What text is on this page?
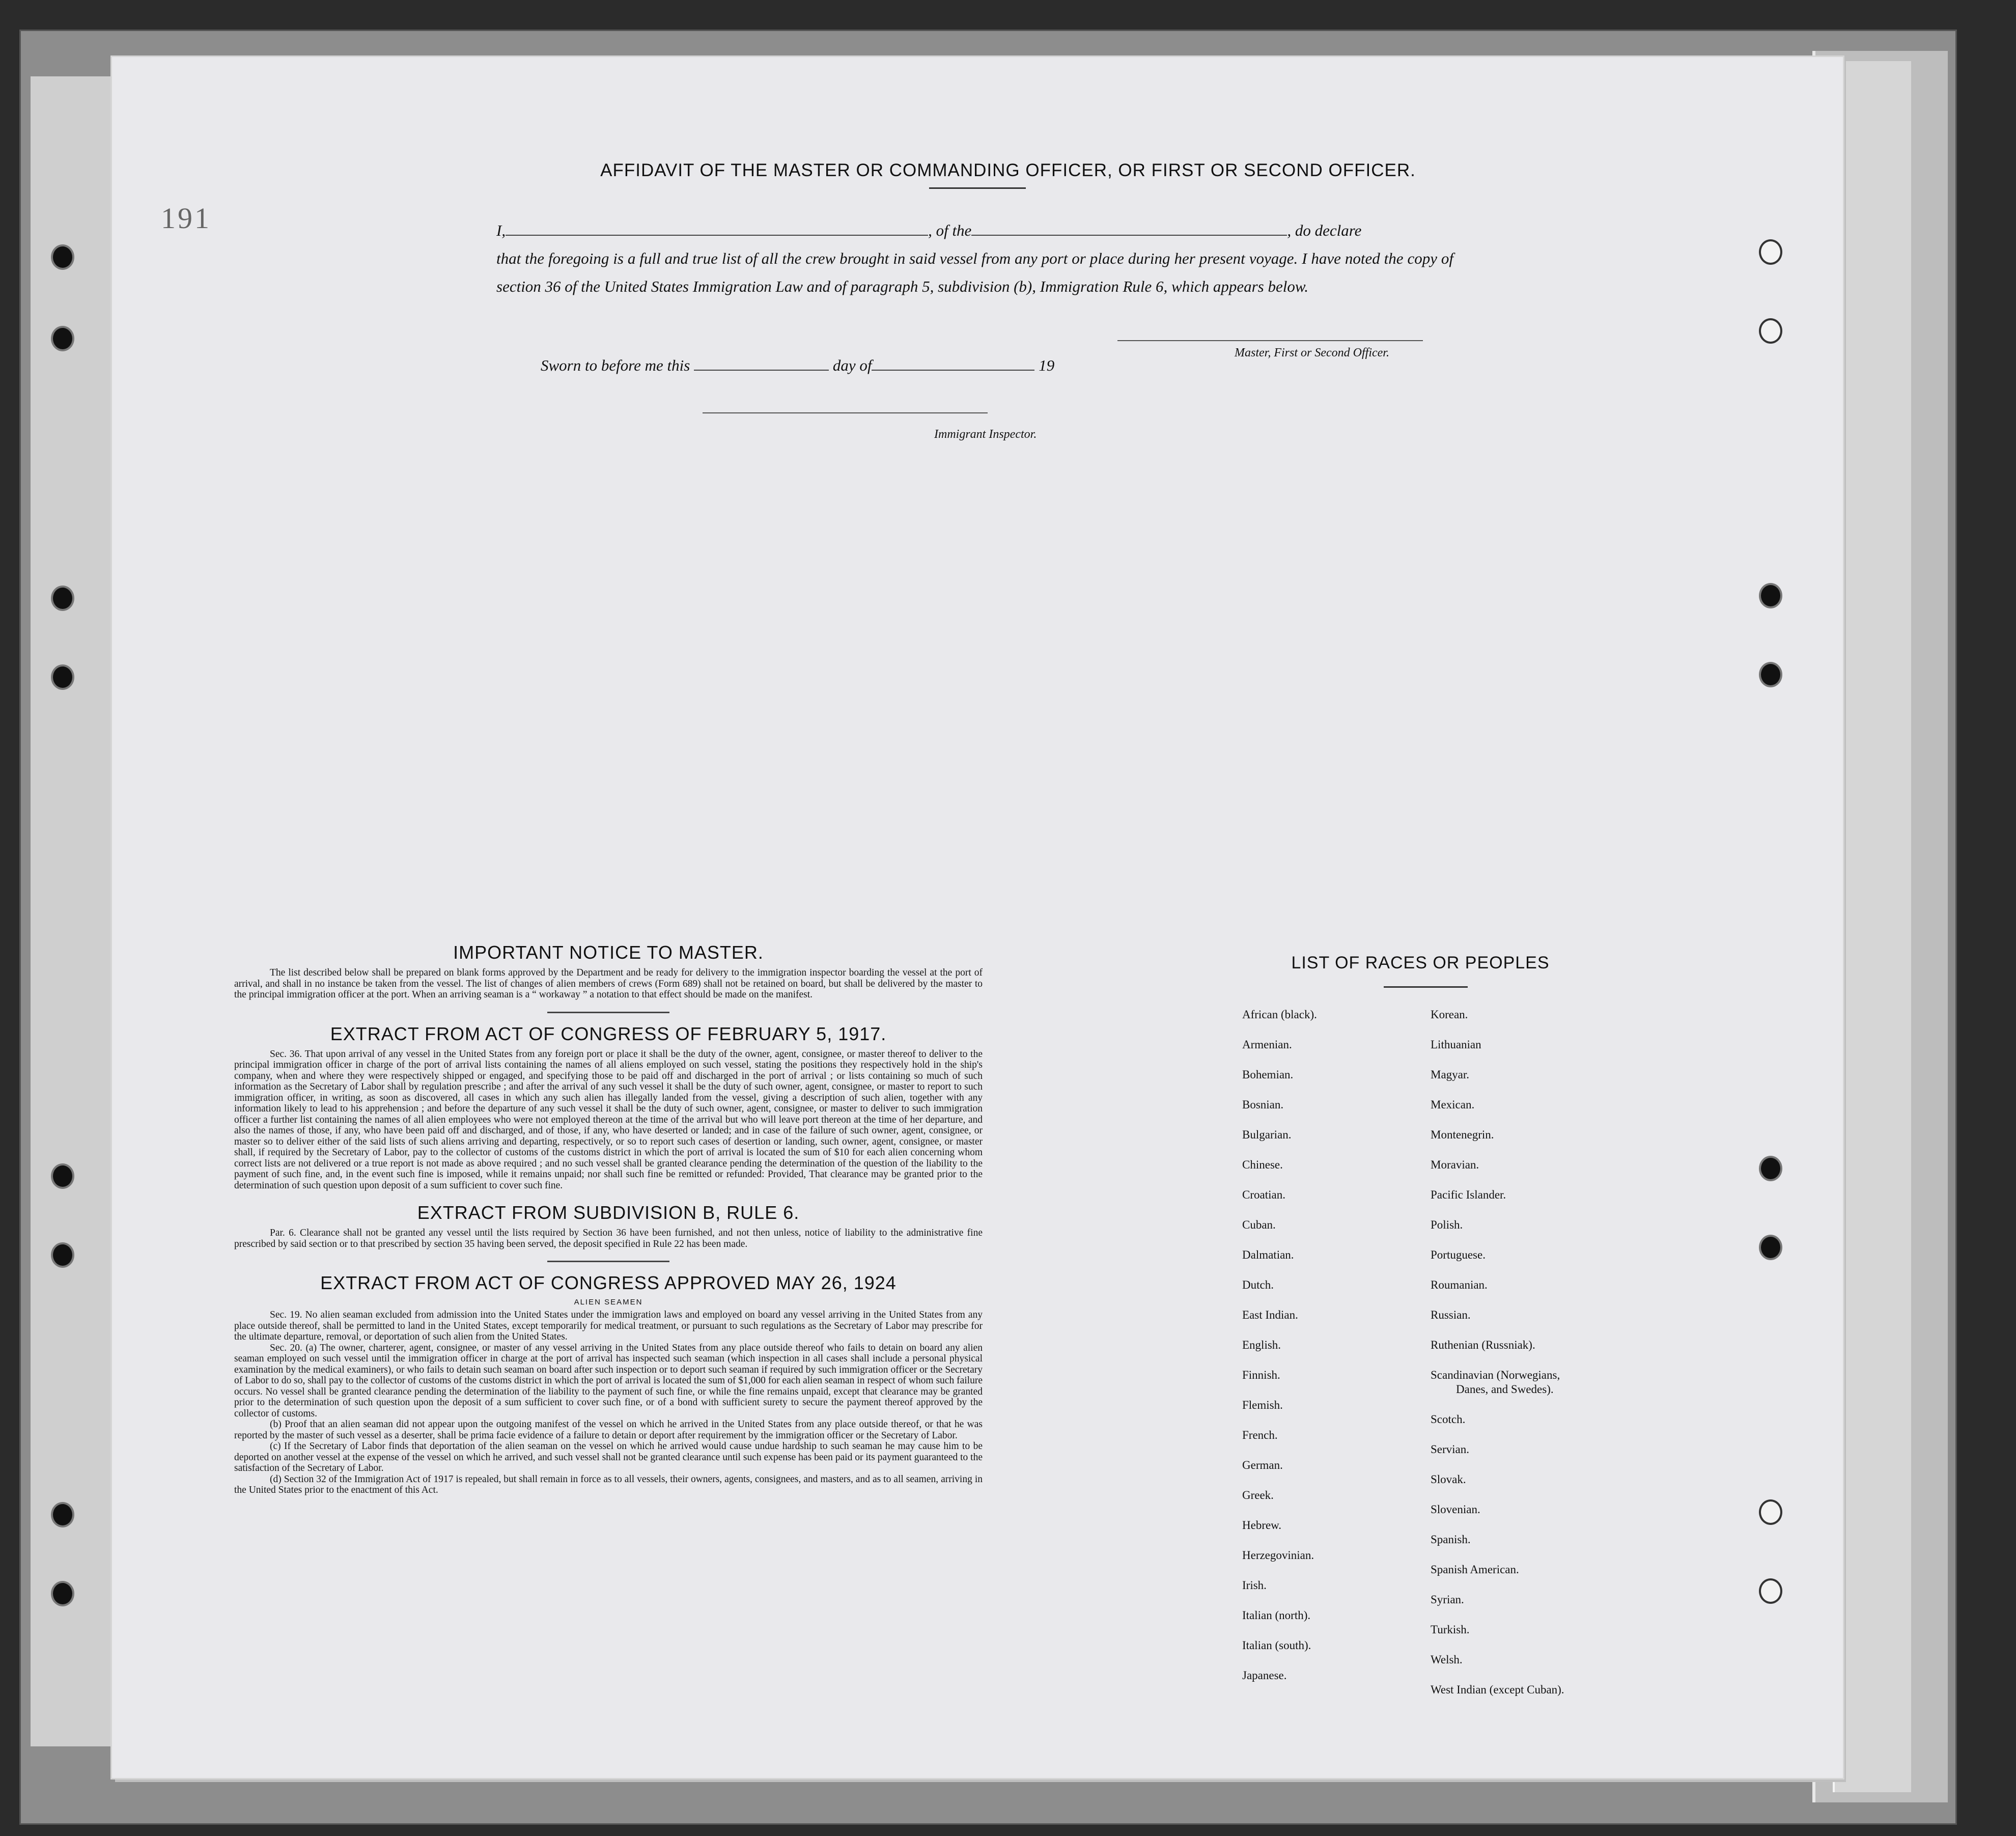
191
AFFIDAVIT OF THE MASTER OR COMMANDING OFFICER, OR FIRST OR SECOND OFFICER.
I,	, of the	, do declare
that the foregoing is a full and true list of all the crew brought in said vessel from any port or place during her present voyage. I have noted the copy of section 36 of the United States Immigration Law and of paragraph 5, subdivision (b), Immigration Rule 6, which appears below.
Master, First or Second Officer.
Sworn to before me this	day of	19
Immigrant Inspector.
IMPORTANT NOTICE TO MASTER.

The list described below shall be prepared on blank forms approved by the Department and be ready for delivery to the immigration inspector boarding the vessel at the port of arrival, and shall in no instance be taken from the vessel. The list of changes of alien members of crews (Form 689) shall not be retained on board, but shall be delivered by the master to the principal immigration officer at the port. When an arriving seaman is a “ workaway ” a notation to that effect should be made on the manifest.

EXTRACT FROM ACT OF CONGRESS OF FEBRUARY 5, 1917.

Sec. 36. That upon arrival of any vessel in the United States from any foreign port or place it shall be the duty of the owner, agent, consignee, or master thereof to deliver to the principal immigration officer in charge of the port of arrival lists containing the names of all aliens employed on such vessel, stating the positions they respectively hold in the ship's company, when and where they were respectively shipped or engaged, and specifying those to be paid off and discharged in the port of arrival ; or lists containing so much of such information as the Secretary of Labor shall by regulation prescribe ; and after the arrival of any such vessel it shall be the duty of such owner, agent, consignee, or master to report to such immigration officer, in writing, as soon as discovered, all cases in which any such alien has illegally landed from the vessel, giving a description of such alien, together with any information likely to lead to his apprehension ; and before the departure of any such vessel it shall be the duty of such owner, agent, consignee, or master to deliver to such immigration officer a further list containing the names of all alien employees who were not employed thereon at the time of the arrival but who will leave port thereon at the time of her departure, and also the names of those, if any, who have been paid off and discharged, and of those, if any, who have deserted or landed; and in case of the failure of such owner, agent, consignee, or master so to deliver either of the said lists of such aliens arriving and departing, respectively, or so to report such cases of desertion or landing, such owner, agent, consignee, or master shall, if required by the Secretary of Labor, pay to the collector of customs of the customs district in which the port of arrival is located the sum of $10 for each alien concerning whom correct lists are not delivered or a true report is not made as above required ; and no such vessel shall be granted clearance pending the determination of the question of the liability to the payment of such fine, and, in the event such fine is imposed, while it remains unpaid; nor shall such fine be remitted or refunded: Provided, That clearance may be granted prior to the determination of such question upon deposit of a sum sufficient to cover such fine.

EXTRACT FROM SUBDIVISION B, RULE 6.

Par. 6. Clearance shall not be granted any vessel until the lists required by Section 36 have been furnished, and not then unless, notice of liability to the administrative fine prescribed by said section or to that prescribed by section 35 having been served, the deposit specified in Rule 22 has been made.

EXTRACT FROM ACT OF CONGRESS APPROVED MAY 26, 1924
ALIEN SEAMEN

Sec. 19. No alien seaman excluded from admission into the United States under the immigration laws and employed on board any vessel arriving in the United States from any place outside thereof, shall be permitted to land in the United States, except temporarily for medical treatment, or pursuant to such regulations as the Secretary of Labor may prescribe for the ultimate departure, removal, or deportation of such alien from the United States.

Sec. 20. (a) The owner, charterer, agent, consignee, or master of any vessel arriving in the United States from any place outside thereof who fails to detain on board any alien seaman employed on such vessel until the immigration officer in charge at the port of arrival has inspected such seaman (which inspection in all cases shall include a personal physical examination by the medical examiners), or who fails to detain such seaman on board after such inspection or to deport such seaman if required by such immigration officer or the Secretary of Labor to do so, shall pay to the collector of customs of the customs district in which the port of arrival is located the sum of $1,000 for each alien seaman in respect of whom such failure occurs. No vessel shall be granted clearance pending the determination of the liability to the payment of such fine, or while the fine remains unpaid, except that clearance may be granted prior to the determination of such question upon the deposit of a sum sufficient to cover such fine, or of a bond with sufficient surety to secure the payment thereof approved by the collector of customs.

(b) Proof that an alien seaman did not appear upon the outgoing manifest of the vessel on which he arrived in the United States from any place outside thereof, or that he was reported by the master of such vessel as a deserter, shall be prima facie evidence of a failure to detain or deport after requirement by the immigration officer or the Secretary of Labor.

(c) If the Secretary of Labor finds that deportation of the alien seaman on the vessel on which he arrived would cause undue hardship to such seaman he may cause him to be deported on another vessel at the expense of the vessel on which he arrived, and such vessel shall not be granted clearance until such expense has been paid or its payment guaranteed to the satisfaction of the Secretary of Labor.

(d) Section 32 of the Immigration Act of 1917 is repealed, but shall remain in force as to all vessels, their owners, agents, consignees, and masters, and as to all seamen, arriving in the United States prior to the enactment of this Act.

LIST OF RACES OR PEOPLES
African (black).
Armenian.
Bohemian.
Bosnian.
Bulgarian.
Chinese.
Croatian.
Cuban.
Dalmatian.
Dutch.
East Indian.
English.
Finnish.
Flemish.
French.
German.
Greek.
Hebrew.
Herzegovinian.
Irish.
Italian (north).
Italian (south).
Japanese.
Korean.
Lithuanian
Magyar.
Mexican.
Montenegrin.
Moravian.
Pacific Islander.
Polish.
Portuguese.
Roumanian.
Russian.
Ruthenian (Russniak).
Scandinavian (Norwegians,
Danes, and Swedes).
Scotch.
Servian.
Slovak.
Slovenian.
Spanish.
Spanish American.
Syrian.
Turkish.
Welsh.
West Indian (except Cuban).
